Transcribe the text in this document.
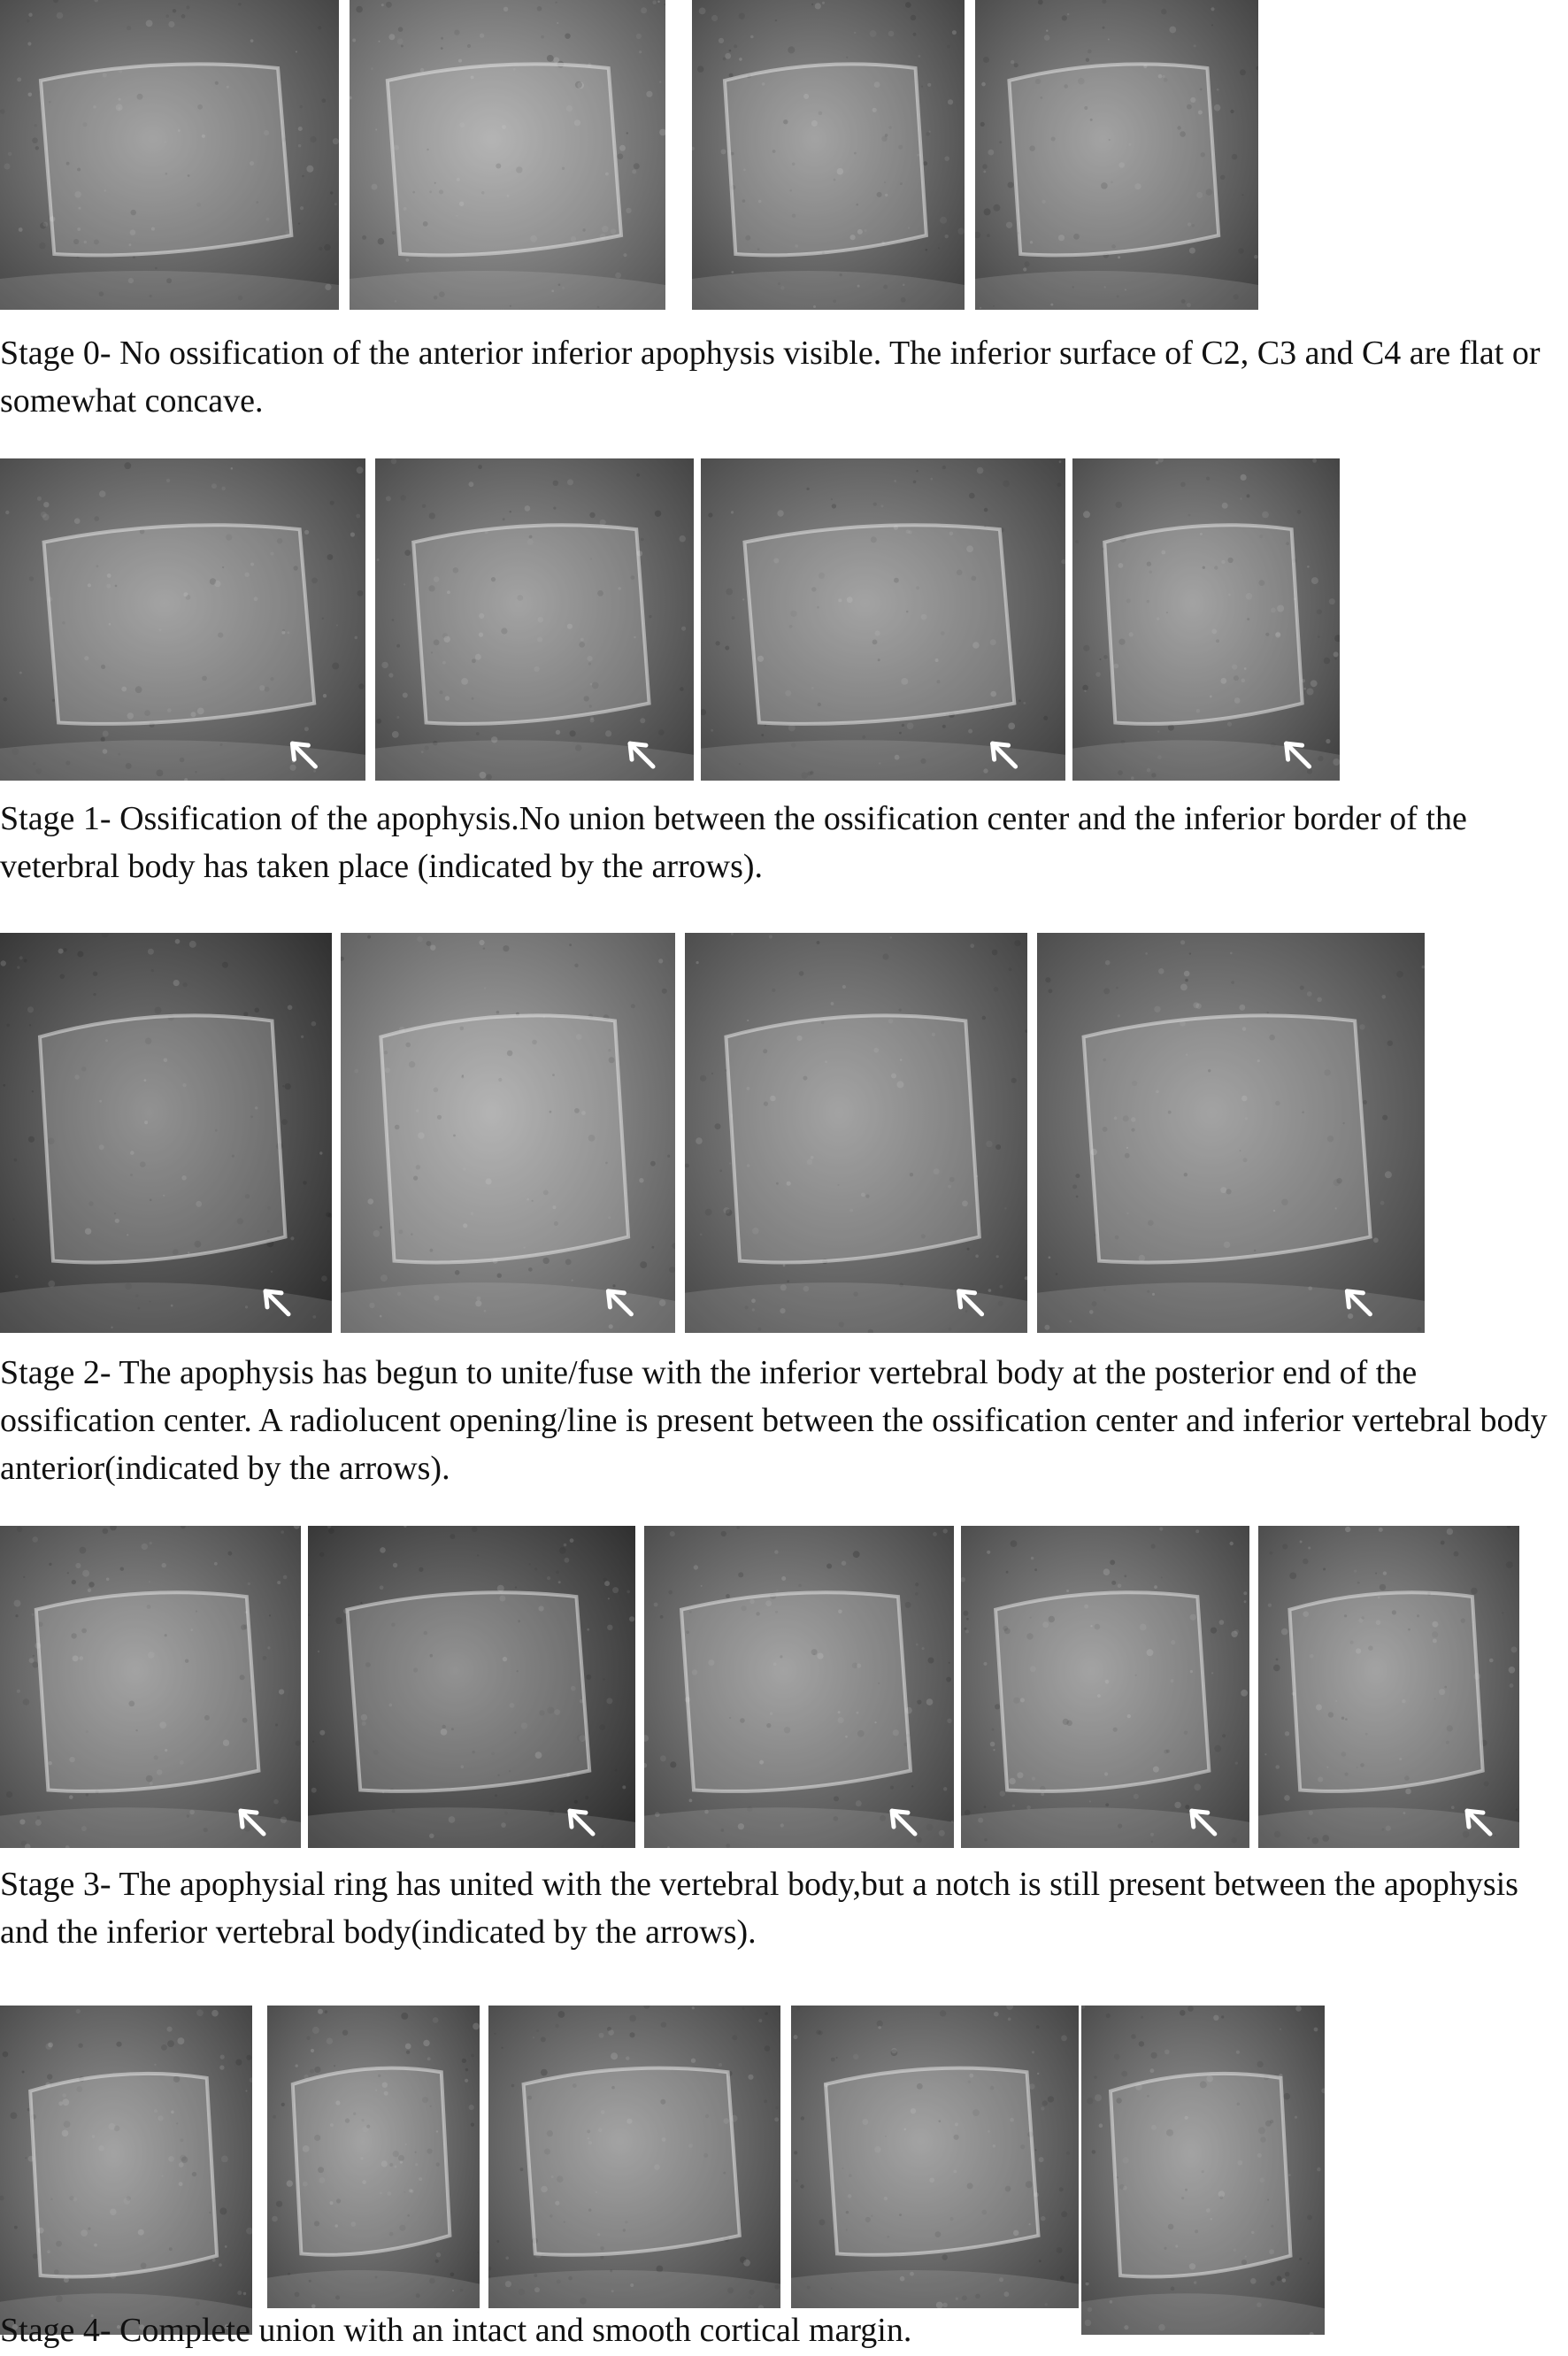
Stage 0- No ossification of the anterior inferior apophysis visible. The inferior surface of C2, C3 and C4 are flat or somewhat concave.

Stage 1- Ossification of the apophysis.No union between the ossification center and the inferior border of the veterbral body has taken place (indicated by the arrows).

Stage 2- The apophysis has begun to unite/fuse with the inferior vertebral body at the posterior end of the ossification center. A radiolucent opening/line is present between the ossification center and inferior vertebral body anterior(indicated by the arrows).

Stage 3- The apophysial ring has united with the vertebral body,but a notch is still present between the apophysis and the inferior vertebral body(indicated by the arrows).

Stage 4- Complete union with an intact and smooth cortical margin.
